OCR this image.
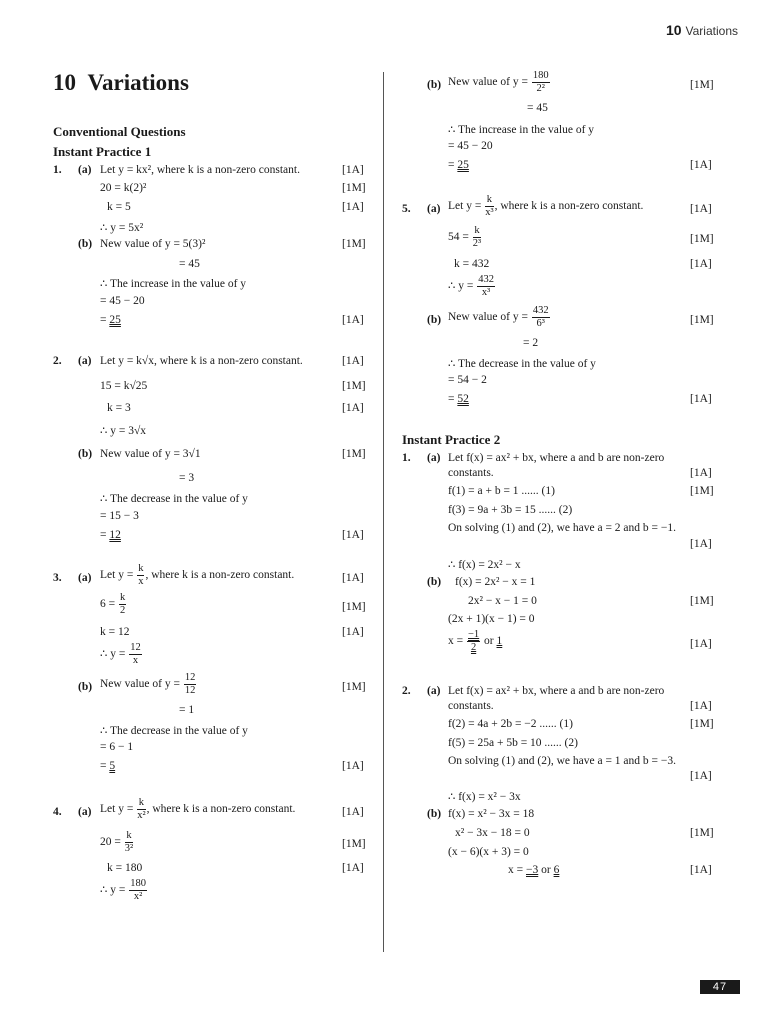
10 Variations
10 Variations
Conventional Questions
Instant Practice 1
1. (a) Let y = kx², where k is a non-zero constant.	[1A]
20 = k(2)²	[1M]
k = 5	[1A]
∴ y = 5x²
(b) New value of y = 5(3)²	[1M]
= 45
∴ The increase in the value of y
= 45 − 20
= 25	[1A]
2. (a) Let y = k√x, where k is a non-zero constant.	[1A]
15 = k√25	[1M]
k = 3	[1A]
∴ y = 3√x
(b) New value of y = 3√1	[1M]
= 3
∴ The decrease in the value of y
= 15 − 3
= 12	[1A]
3. (a) Let $y = \frac{k}{x}$ , where k is a non-zero constant.	[1A]
$6 = \frac{k}{2}$	[1M]
k = 12	[1A]
∴ $y = \frac{12}{x}$
(b) New value of $y = \frac{12}{12}$	[1M]
= 1
∴ The decrease in the value of y
= 6 − 1
= 5	[1A]
4. (a) Let $y = \frac{k}{\text{x²}}$ , where k is a non-zero constant.	[1A]
$20 = \frac{k}{\text{3²}}$	[1M]
k = 180	[1A]
∴ $y = \frac{180}{\text{x²}}$
(b) New value of $y = \frac{180}{\text{2²}}$	[1M]
= 45
∴ The increase in the value of y
= 45 − 20
= 25	[1A]
5. (a) Let $y = \frac{k}{\text{x³}}$ , where k is a non-zero constant.	[1A]
$54 = \frac{k}{\text{2³}}$	[1M]
k = 432	[1A]
∴ $y = \frac{432}{\text{x³}}$
(b) New value of $y = \frac{432}{\text{6³}}$	[1M]
= 2
∴ The decrease in the value of y
= 54 − 2
= 52	[1A]
Instant Practice 2
1. (a) Let f(x) = ax² + bx, where a and b are non-zero
constants.	[1A]
f(1) = a + b = 1 ...... (1)	[1M]
f(3) = 9a + 3b = 15 ...... (2)
On solving (1) and (2), we have a = 2 and b = −1.
[1A]
∴ f(x) = 2x² − x
(b) f(x) = 2x² − x = 1
2x² − x − 1 = 0	[1M]
(2x + 1)(x − 1) = 0
$x = \frac{-1}{2}$ or 1	[1A]
2. (a) Let f(x) = ax² + bx, where a and b are non-zero
constants.	[1A]
f(2) = 4a + 2b = −2 ...... (1)	[1M]
f(5) = 25a + 5b = 10 ...... (2)
On solving (1) and (2), we have a = 1 and b = −3.
[1A]
∴ f(x) = x² − 3x
(b) f(x) = x² − 3x = 18
x² − 3x − 18 = 0	[1M]
(x − 6)(x + 3) = 0
x = −3 or 6	[1A]
47
